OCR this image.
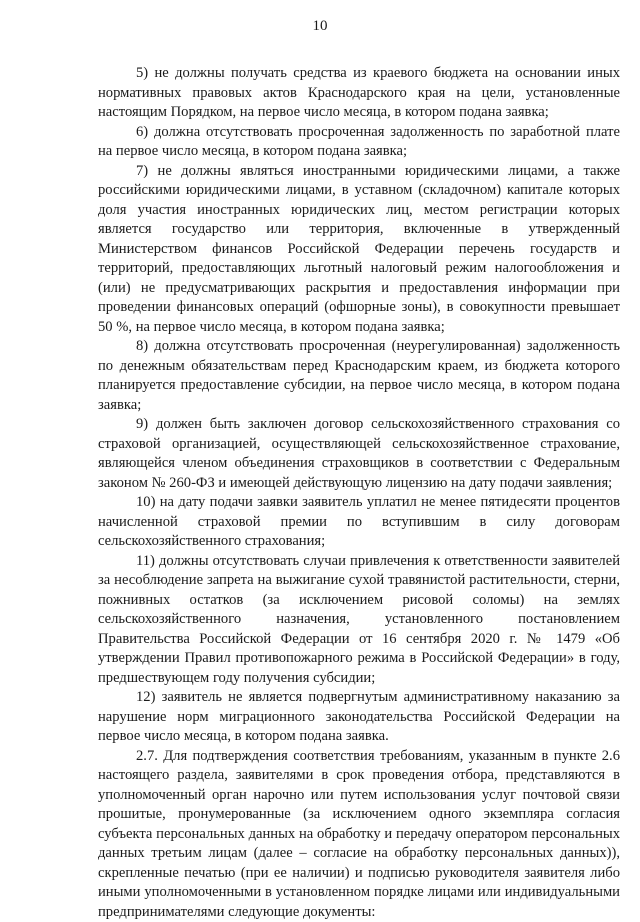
10

5) не должны получать средства из краевого бюджета на основании иных нормативных правовых актов Краснодарского края на цели, установленные настоящим Порядком, на первое число месяца, в котором подана заявка;

6) должна отсутствовать просроченная задолженность по заработной плате на первое число месяца, в котором подана заявка;

7) не должны являться иностранными юридическими лицами, а также российскими юридическими лицами, в уставном (складочном) капитале которых доля участия иностранных юридических лиц, местом регистрации которых является государство или территория, включенные в утвержденный Министерством финансов Российской Федерации перечень государств и территорий, предоставляющих льготный налоговый режим налогообложения и (или) не предусматривающих раскрытия и предоставления информации при проведении финансовых операций (офшорные зоны), в совокупности превышает 50 %, на первое число месяца, в котором подана заявка;

8) должна отсутствовать просроченная (неурегулированная) задолженность по денежным обязательствам перед Краснодарским краем, из бюджета которого планируется предоставление субсидии, на первое число месяца, в котором подана заявка;

9) должен быть заключен договор сельскохозяйственного страхования со страховой организацией, осуществляющей сельскохозяйственное страхование, являющейся членом объединения страховщиков в соответствии с Федеральным законом № 260-ФЗ и имеющей действующую лицензию на дату подачи заявления;

10) на дату подачи заявки заявитель уплатил не менее пятидесяти процентов начисленной страховой премии по вступившим в силу договорам сельскохозяйственного страхования;

11) должны отсутствовать случаи привлечения к ответственности заявителей за несоблюдение запрета на выжигание сухой травянистой растительности, стерни, пожнивных остатков (за исключением рисовой соломы) на землях сельскохозяйственного назначения, установленного постановлением Правительства Российской Федерации от 16 сентября 2020 г. № 1479 «Об утверждении Правил противопожарного режима в Российской Федерации» в году, предшествующем году получения субсидии;

12) заявитель не является подвергнутым административному наказанию за нарушение норм миграционного законодательства Российской Федерации на первое число месяца, в котором подана заявка.

2.7. Для подтверждения соответствия требованиям, указанным в пункте 2.6 настоящего раздела, заявителями в срок проведения отбора, представляются в уполномоченный орган нарочно или путем использования услуг почтовой связи прошитые, пронумерованные (за исключением одного экземпляра согласия субъекта персональных данных на обработку и передачу оператором персональных данных третьим лицам (далее – согласие на обработку персональных данных)), скрепленные печатью (при ее наличии) и подписью руководителя заявителя либо иными уполномоченными в установленном порядке лицами или индивидуальными предпринимателями следующие документы:
